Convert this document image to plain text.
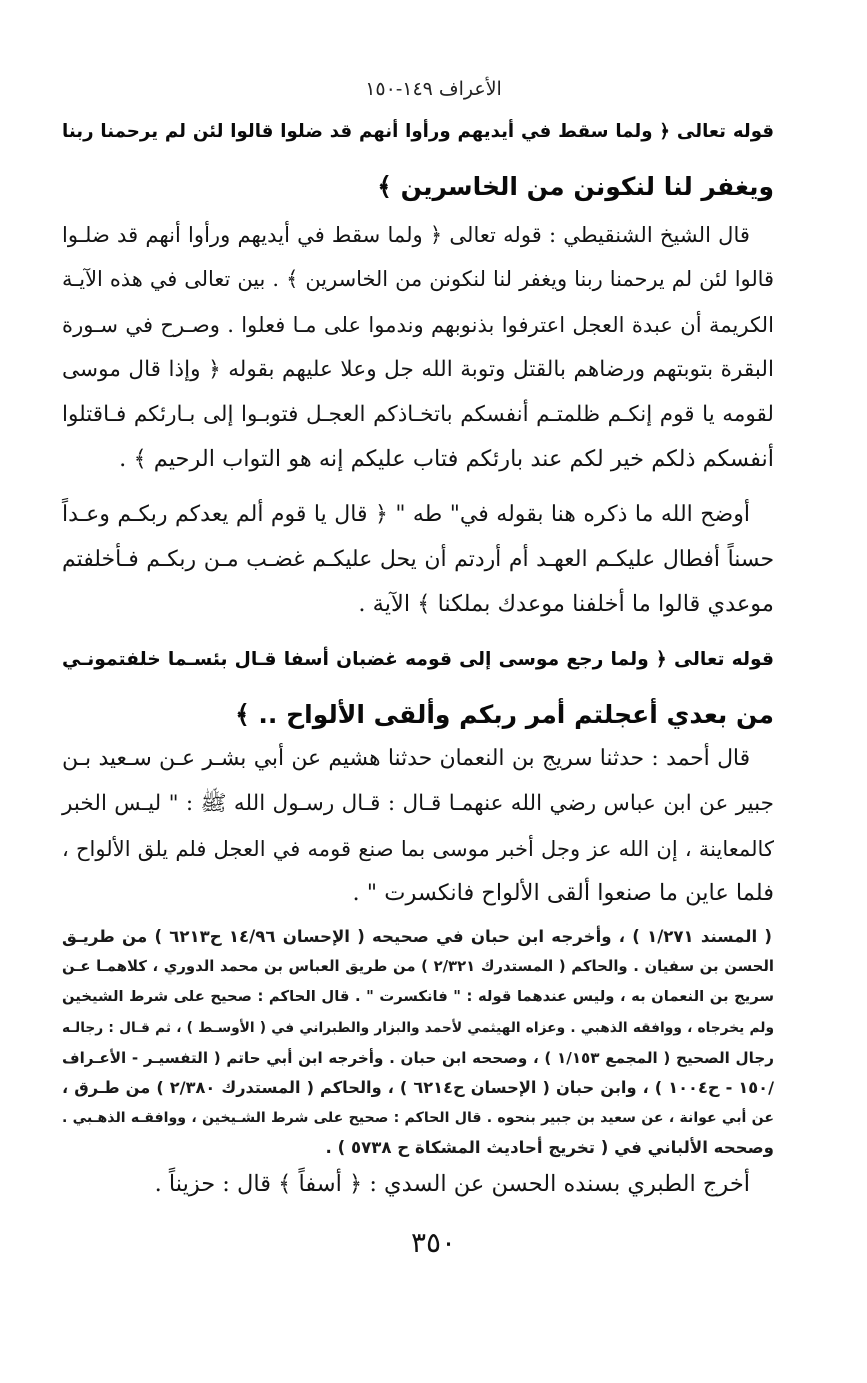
الأعراف ١٤٩-١٥٠
قوله تعالى ﴿ ولما سقط في أيديهم ورأوا أنهم قد ضلوا قالوا لئن لم يرحمنا ربنا
ويغفر لنا لنكونن من الخاسرين ﴾
قال الشيخ الشنقيطي : قوله تعالى ﴿ ولما سقط في أيديهم ورأوا أنهم قد ضلـوا
قالوا لئن لم يرحمنا ربنا ويغفر لنا لنكونن من الخاسرين ﴾ . بين تعالى في هذه الآيـة
الكريمة أن عبدة العجل اعترفوا بذنوبهم وندموا على مـا فعلوا . وصـرح في سـورة
البقرة بتوبتهم ورضاهم بالقتل وتوبة الله جل وعلا عليهم بقوله ﴿ وإذا قال موسى
لقومه يا قوم إنكـم ظلمتـم أنفسكم باتخـاذكم العجـل فتوبـوا إلى بـارئكم فـاقتلوا
أنفسكم ذلكم خير لكم عند بارئكم فتاب عليكم إنه هو التواب الرحيم ﴾ .
أوضح الله ما ذكره هنا بقوله في" طه " ﴿ قال يا قوم ألم يعدكم ربكـم وعـداً
حسناً أفطال عليكـم العهـد أم أردتم أن يحل عليكـم غضـب مـن ربكـم فـأخلفتم
موعدي قالوا ما أخلفنا موعدك بملكنا ﴾ الآية .
قوله تعالى ﴿ ولما رجع موسى إلى قومه غضبان أسفا قـال بئسـما خلفتمونـي
من بعدي أعجلتم أمر ربكم وألقى الألواح .. ﴾
قال أحمد : حدثنا سريج بن النعمان حدثنا هشيم عن أبي بشـر عـن سـعيد بـن
جبير عن ابن عباس رضي الله عنهمـا قـال : قـال رسـول الله ﷺ : " ليـس الخبر
كالمعاينة ، إن الله عز وجل أخبر موسى بما صنع قومه في العجل فلم يلق الألواح ،
فلما عاين ما صنعوا ألقى الألواح فانكسرت " .
( المسند ١/٢٧١ ) ، وأخرجه ابن حبان في صحيحه ( الإحسان ١٤/٩٦ ح٦٢١٣ ) من طريـق
الحسن بن سفيان . والحاكم ( المستدرك ٢/٣٢١ ) من طريق العباس بن محمد الدوري ، كلاهمـا عـن
سريج بن النعمان به ، وليس عندهما قوله : " فانكسرت " . قال الحاكم : صحيح على شرط الشيخين
ولم يخرجاه ، ووافقه الذهبي . وعزاه الهيثمي لأحمد والبزار والطبراني في ( الأوسـط ) ، ثم قـال : رجالـه
رجال الصحيح ( المجمع ١/١٥٣ ) ، وصححه ابن حبان . وأخرجه ابن أبي حاتم ( التفسيـر - الأعـراف
/١٥٠ - ح١٠٠٤ ) ، وابن حبان ( الإحسان ح٦٢١٤ ) ، والحاكم ( المستدرك ٢/٣٨٠ ) من طـرق ،
عن أبي عوانة ، عن سعيد بن جبير بنحوه . قال الحاكم : صحيح على شرط الشـيخين ، ووافقـه الذهـبي .
وصححه الألباني في ( تخريج أحاديث المشكاة ح ٥٧٣٨ ) .
أخرج الطبري بسنده الحسن عن السدي : ﴿ أسفاً ﴾ قال : حزيناً .
٣٥٠
